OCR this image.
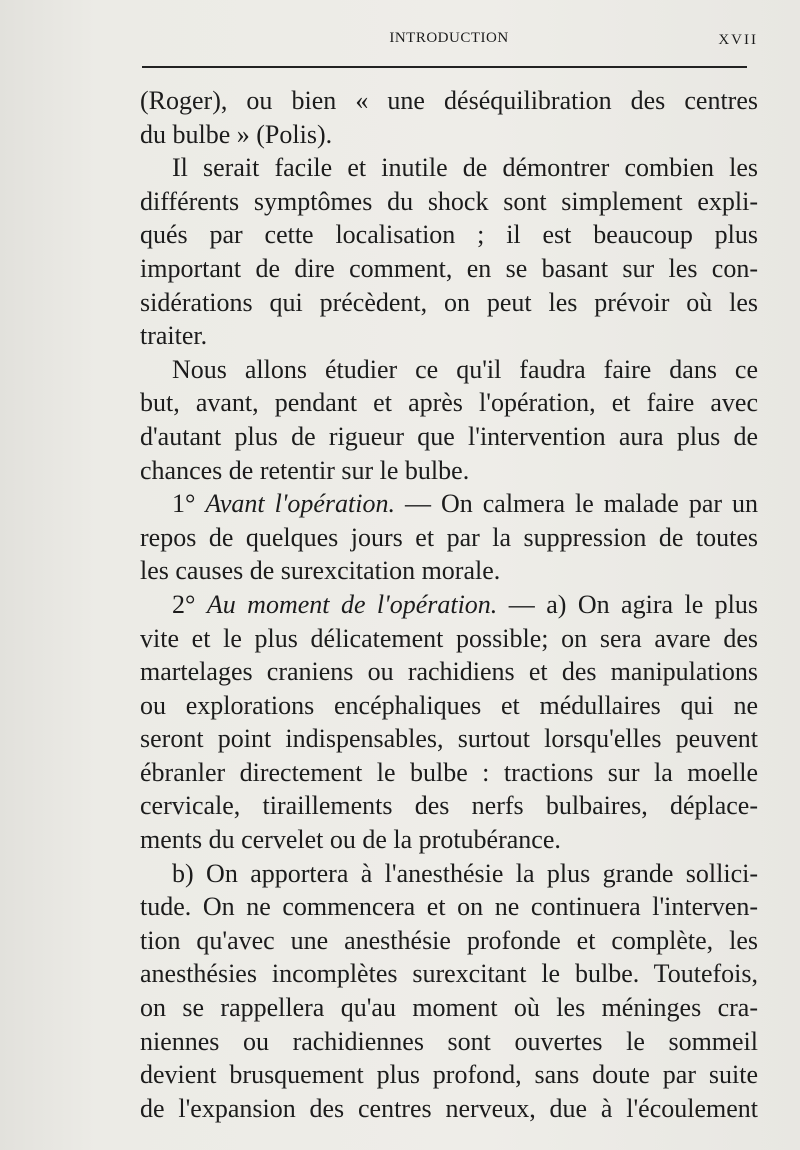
INTRODUCTION	XVII
(Roger), ou bien « une déséquilibration des centres
du bulbe » (Polis).
Il serait facile et inutile de démontrer combien les
différents symptômes du shock sont simplement expli-
qués par cette localisation ; il est beaucoup plus
important de dire comment, en se basant sur les con-
sidérations qui précèdent, on peut les prévoir où les
traiter.
Nous allons étudier ce qu'il faudra faire dans ce
but, avant, pendant et après l'opération, et faire avec
d'autant plus de rigueur que l'intervention aura plus de
chances de retentir sur le bulbe.
1° Avant l'opération. — On calmera le malade par un
repos de quelques jours et par la suppression de toutes
les causes de surexcitation morale.
2° Au moment de l'opération. — a) On agira le plus
vite et le plus délicatement possible; on sera avare des
martelages craniens ou rachidiens et des manipulations
ou explorations encéphaliques et médullaires qui ne
seront point indispensables, surtout lorsqu'elles peuvent
ébranler directement le bulbe : tractions sur la moelle
cervicale, tiraillements des nerfs bulbaires, déplace-
ments du cervelet ou de la protubérance.
b) On apportera à l'anesthésie la plus grande sollici-
tude. On ne commencera et on ne continuera l'interven-
tion qu'avec une anesthésie profonde et complète, les
anesthésies incomplètes surexcitant le bulbe. Toutefois,
on se rappellera qu'au moment où les méninges cra-
niennes ou rachidiennes sont ouvertes le sommeil
devient brusquement plus profond, sans doute par suite
de l'expansion des centres nerveux, due à l'écoulement
